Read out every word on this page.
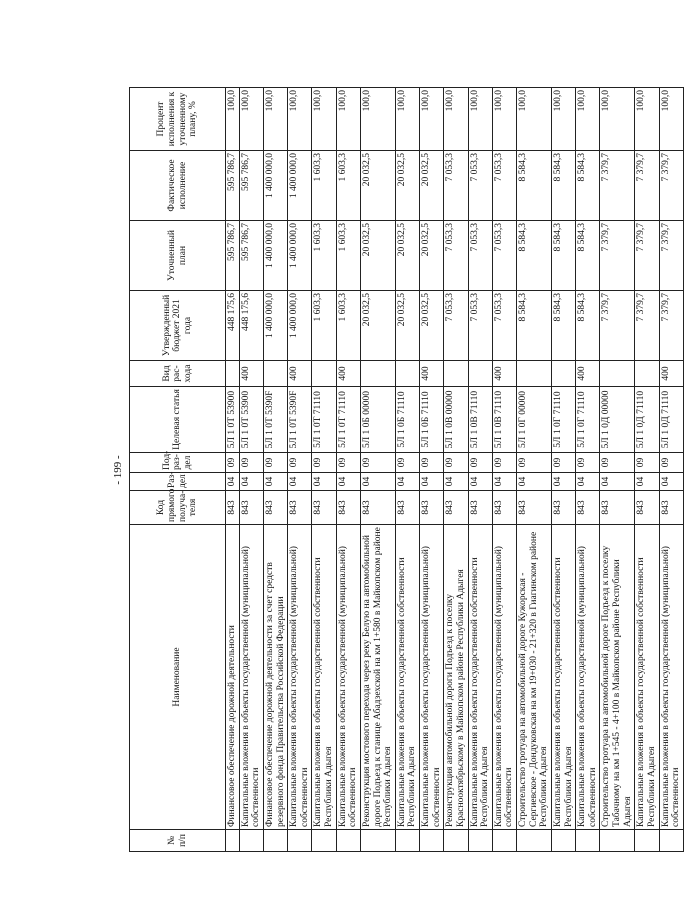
- 199 -
№ п/п	Наименование	Код прямого получа-теля	Раз-дел	Под-раз-дел	Целевая статья	Вид рас-хода	Утвержденный бюджет 2021 года	Уточненный план	Фактическое исполнение	Процент исполнения к уточненному плану, %
	Финансовое обеспечение дорожной деятельности	843	04	09	5Л 1 0Т 53900		448 175,6	595 786,7	595 786,7	100,0
	Капитальные вложения в объекты государственной (муниципальной) собственности	843	04	09	5Л 1 0Т 53900	400	448 175,6	595 786,7	595 786,7	100,0
	Финансовое обеспечение дорожной деятельности за счет средств резервного фонда Правительства Российской Федерации	843	04	09	5Л 1 0Т 5390F		1 400 000,0	1 400 000,0	1 400 000,0	100,0
	Капитальные вложения в объекты государственной (муниципальной) собственности	843	04	09	5Л 1 0Т 5390F	400	1 400 000,0	1 400 000,0	1 400 000,0	100,0
	Капитальные вложения в объекты государственной собственности Республики Адыгея	843	04	09	5Л 1 0Т 71110		1 603,3	1 603,3	1 603,3	100,0
	Капитальные вложения в объекты государственной (муниципальной) собственности	843	04	09	5Л 1 0Т 71110	400	1 603,3	1 603,3	1 603,3	100,0
	Реконструкция мостового перехода через реку Белую на автомобильной дороге Подъезд к станице Абадзехской на км 1+580 в Майкопском районе Республики Адыгея	843	04	09	5Л 1 0Б 00000		20 032,5	20 032,5	20 032,5	100,0
	Капитальные вложения в объекты государственной собственности Республики Адыгея	843	04	09	5Л 1 0Б 71110		20 032,5	20 032,5	20 032,5	100,0
	Капитальные вложения в объекты государственной (муниципальной) собственности	843	04	09	5Л 1 0Б 71110	400	20 032,5	20 032,5	20 032,5	100,0
	Реконструкция автомобильной дороги Подъезд к поселку Краснооктябрьскому в Майкопском районе Республики Адыгея	843	04	09	5Л 1 0В 00000		7 053,3	7 053,3	7 053,3	100,0
	Капитальные вложения в объекты государственной собственности Республики Адыгея	843	04	09	5Л 1 0В 71110		7 053,3	7 053,3	7 053,3	100,0
	Капитальные вложения в объекты государственной (муниципальной) собственности	843	04	09	5Л 1 0В 71110	400	7 053,3	7 053,3	7 053,3	100,0
	Строительство тротуара на автомобильной дороге Кужорская - Сергиевское - Дондуковская на км 19+030 - 21+320 в Гиагинском районе Республики Адыгея	843	04	09	5Л 1 0Г 00000		8 584,3	8 584,3	8 584,3	100,0
	Капитальные вложения в объекты государственной собственности Республики Адыгея	843	04	09	5Л 1 0Г 71110		8 584,3	8 584,3	8 584,3	100,0
	Капитальные вложения в объекты государственной (муниципальной) собственности	843	04	09	5Л 1 0Г 71110	400	8 584,3	8 584,3	8 584,3	100,0
	Строительство тротуара на автомобильной дороге Подъезд к поселку Табачному на км 1+545 - 4+100 в Майкопском районе Республики Адыгея	843	04	09	5Л 1 0Д 00000		7 379,7	7 379,7	7 379,7	100,0
	Капитальные вложения в объекты государственной собственности Республики Адыгея	843	04	09	5Л 1 0Д 71110		7 379,7	7 379,7	7 379,7	100,0
	Капитальные вложения в объекты государственной (муниципальной) собственности	843	04	09	5Л 1 0Д 71110	400	7 379,7	7 379,7	7 379,7	100,0
